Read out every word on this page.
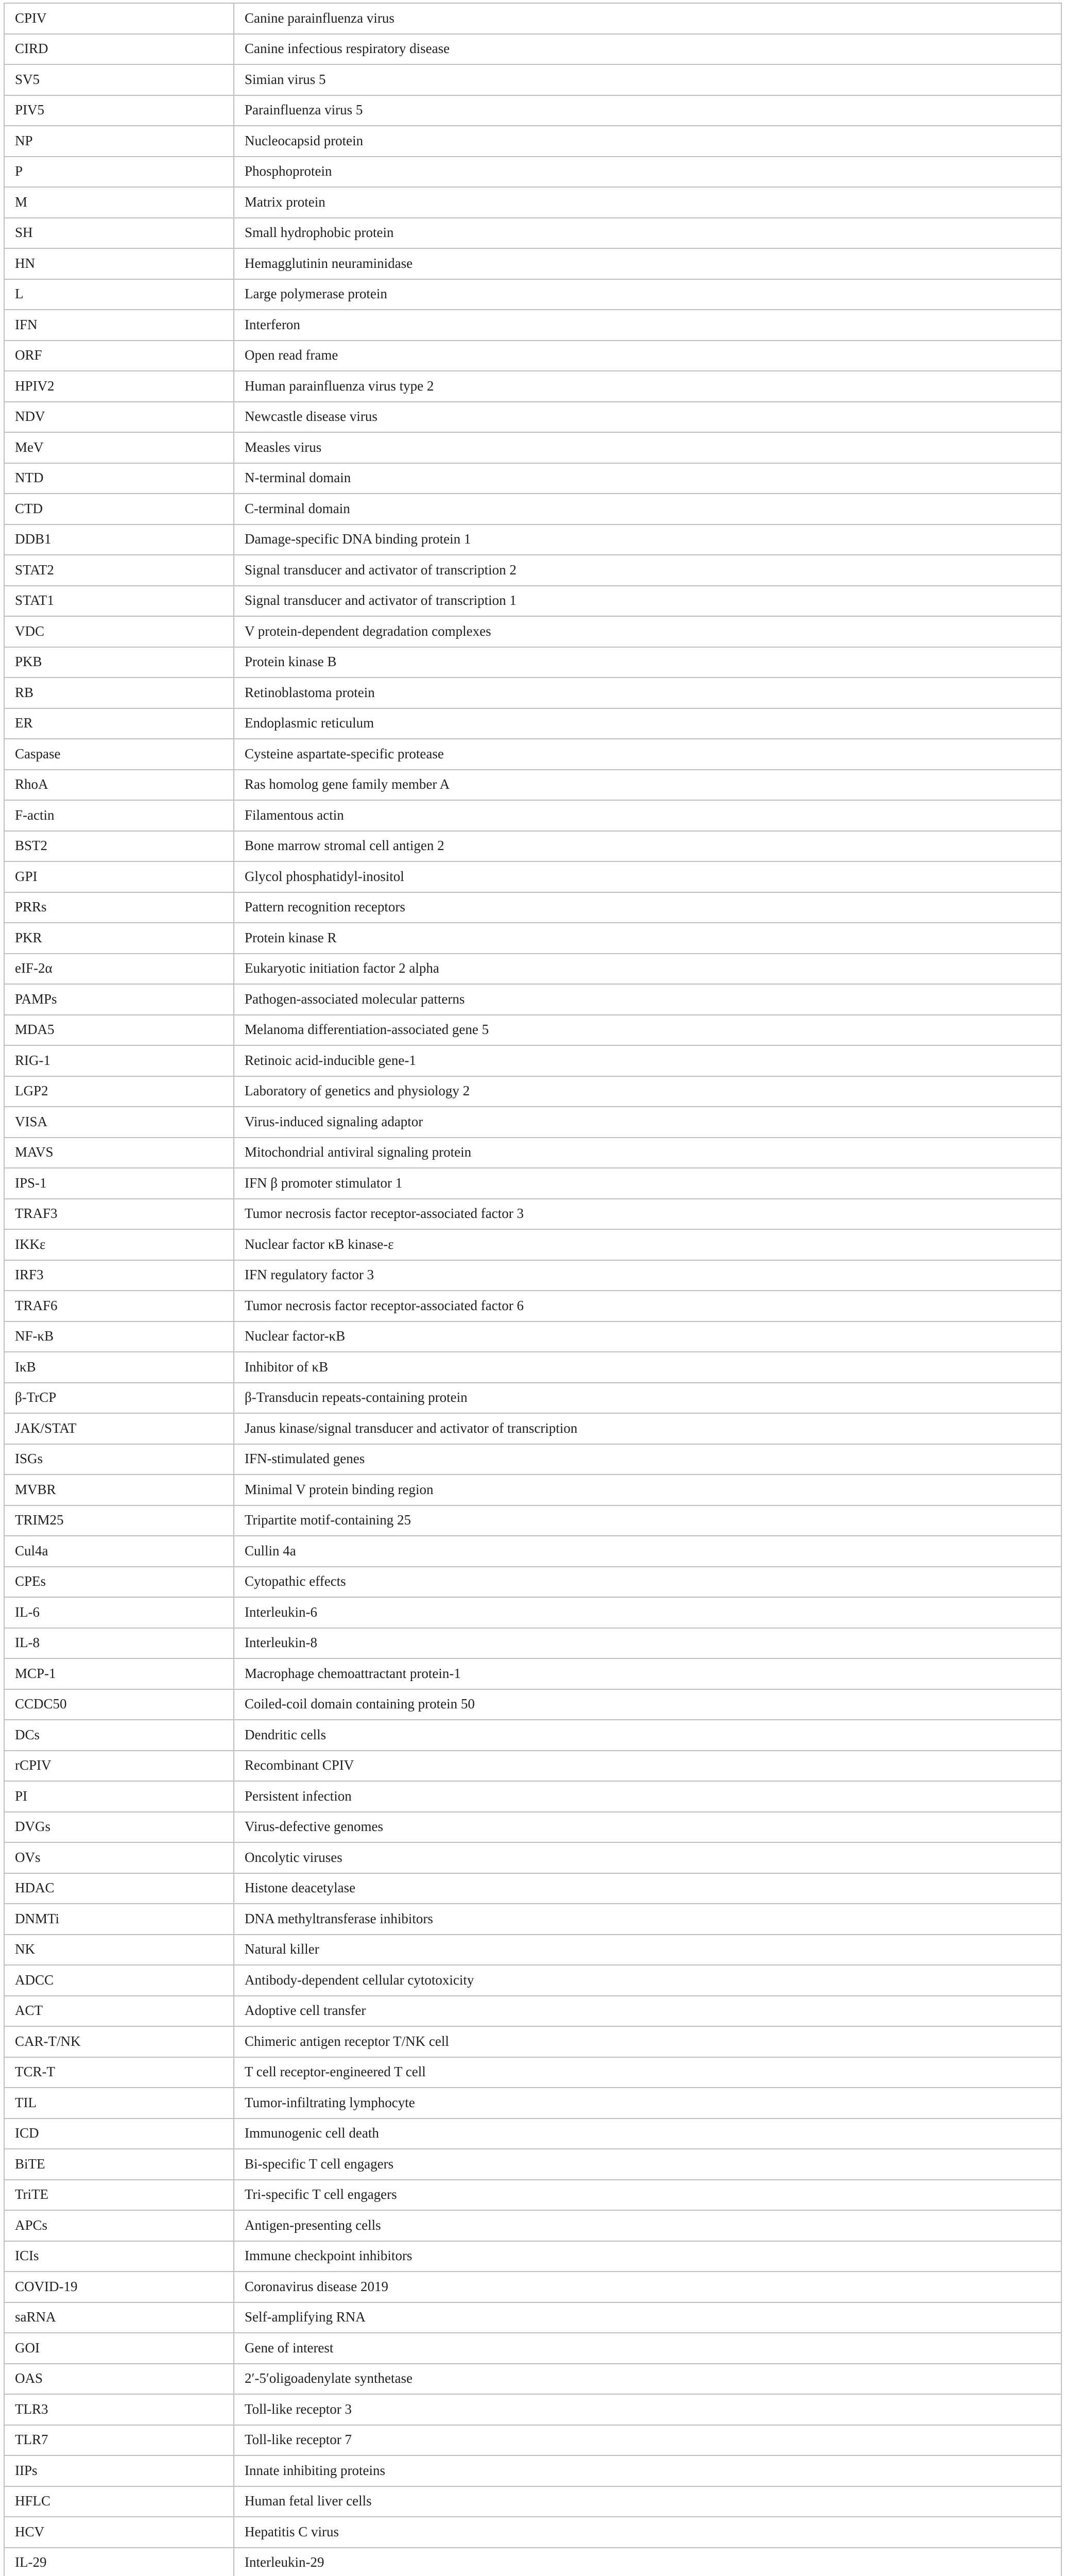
CPIV	Canine parainfluenza virus
CIRD	Canine infectious respiratory disease
SV5	Simian virus 5
PIV5	Parainfluenza virus 5
NP	Nucleocapsid protein
P	Phosphoprotein
M	Matrix protein
SH	Small hydrophobic protein
HN	Hemagglutinin neuraminidase
L	Large polymerase protein
IFN	Interferon
ORF	Open read frame
HPIV2	Human parainfluenza virus type 2
NDV	Newcastle disease virus
MeV	Measles virus
NTD	N-terminal domain
CTD	C-terminal domain
DDB1	Damage-specific DNA binding protein 1
STAT2	Signal transducer and activator of transcription 2
STAT1	Signal transducer and activator of transcription 1
VDC	V protein-dependent degradation complexes
PKB	Protein kinase B
RB	Retinoblastoma protein
ER	Endoplasmic reticulum
Caspase	Cysteine aspartate-specific protease
RhoA	Ras homolog gene family member A
F-actin	Filamentous actin
BST2	Bone marrow stromal cell antigen 2
GPI	Glycol phosphatidyl-inositol
PRRs	Pattern recognition receptors
PKR	Protein kinase R
eIF-2α	Eukaryotic initiation factor 2 alpha
PAMPs	Pathogen-associated molecular patterns
MDA5	Melanoma differentiation-associated gene 5
RIG-1	Retinoic acid-inducible gene-1
LGP2	Laboratory of genetics and physiology 2
VISA	Virus-induced signaling adaptor
MAVS	Mitochondrial antiviral signaling protein
IPS-1	IFN β promoter stimulator 1
TRAF3	Tumor necrosis factor receptor-associated factor 3
IKKε	Nuclear factor κB kinase-ε
IRF3	IFN regulatory factor 3
TRAF6	Tumor necrosis factor receptor-associated factor 6
NF-κB	Nuclear factor-κB
IκB	Inhibitor of κB
β-TrCP	β-Transducin repeats-containing protein
JAK/STAT	Janus kinase/signal transducer and activator of transcription
ISGs	IFN-stimulated genes
MVBR	Minimal V protein binding region
TRIM25	Tripartite motif-containing 25
Cul4a	Cullin 4a
CPEs	Cytopathic effects
IL-6	Interleukin-6
IL-8	Interleukin-8
MCP-1	Macrophage chemoattractant protein-1
CCDC50	Coiled-coil domain containing protein 50
DCs	Dendritic cells
rCPIV	Recombinant CPIV
PI	Persistent infection
DVGs	Virus-defective genomes
OVs	Oncolytic viruses
HDAC	Histone deacetylase
DNMTi	DNA methyltransferase inhibitors
NK	Natural killer
ADCC	Antibody-dependent cellular cytotoxicity
ACT	Adoptive cell transfer
CAR-T/NK	Chimeric antigen receptor T/NK cell
TCR-T	T cell receptor-engineered T cell
TIL	Tumor-infiltrating lymphocyte
ICD	Immunogenic cell death
BiTE	Bi-specific T cell engagers
TriTE	Tri-specific T cell engagers
APCs	Antigen-presenting cells
ICIs	Immune checkpoint inhibitors
COVID-19	Coronavirus disease 2019
saRNA	Self-amplifying RNA
GOI	Gene of interest
OAS	2′-5′oligoadenylate synthetase
TLR3	Toll-like receptor 3
TLR7	Toll-like receptor 7
IIPs	Innate inhibiting proteins
HFLC	Human fetal liver cells
HCV	Hepatitis C virus
IL-29	Interleukin-29
